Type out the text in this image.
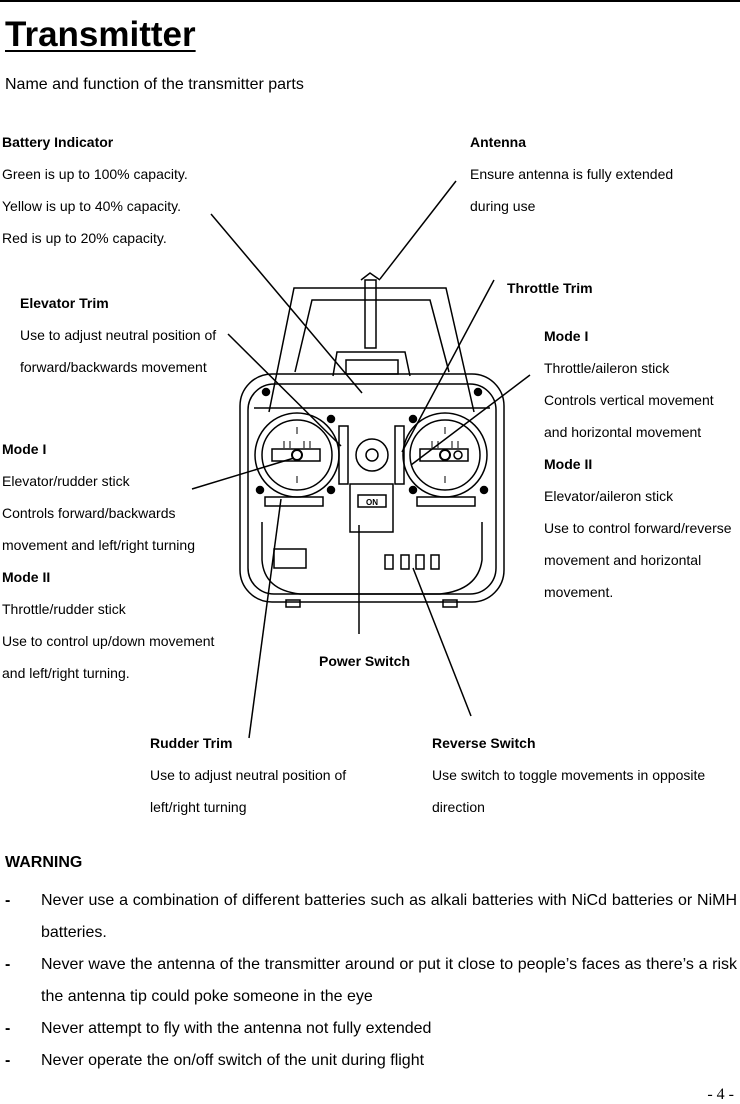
Transmitter
Name and function of the transmitter parts
ON
Battery Indicator
Green is up to 100% capacity.
Yellow is up to 40% capacity.
Red is up to 20% capacity.
Antenna
Ensure antenna is fully extended
during use
Throttle Trim
Elevator Trim
Use to adjust neutral position of
forward/backwards movement
Mode I
Throttle/aileron stick
Controls vertical movement
and horizontal movement
Mode II
Elevator/aileron stick
Use to control forward/reverse
movement and horizontal
movement.
Mode I
Elevator/rudder stick
Controls forward/backwards
movement and left/right turning
Mode II
Throttle/rudder stick
Use to control up/down movement
and left/right turning.
Power Switch
Rudder Trim
Use to adjust neutral position of
left/right turning
Reverse Switch
Use switch to toggle movements in opposite
direction
WARNING
-	Never use a combination of different batteries such as alkali batteries with NiCd batteries or NiMH batteries.
-	Never wave the antenna of the transmitter around or put it close to people’s faces as there’s a risk the antenna tip could poke someone in the eye
-	Never attempt to fly with the antenna not fully extended
-	Never operate the on/off switch of the unit during flight
- 4 -
